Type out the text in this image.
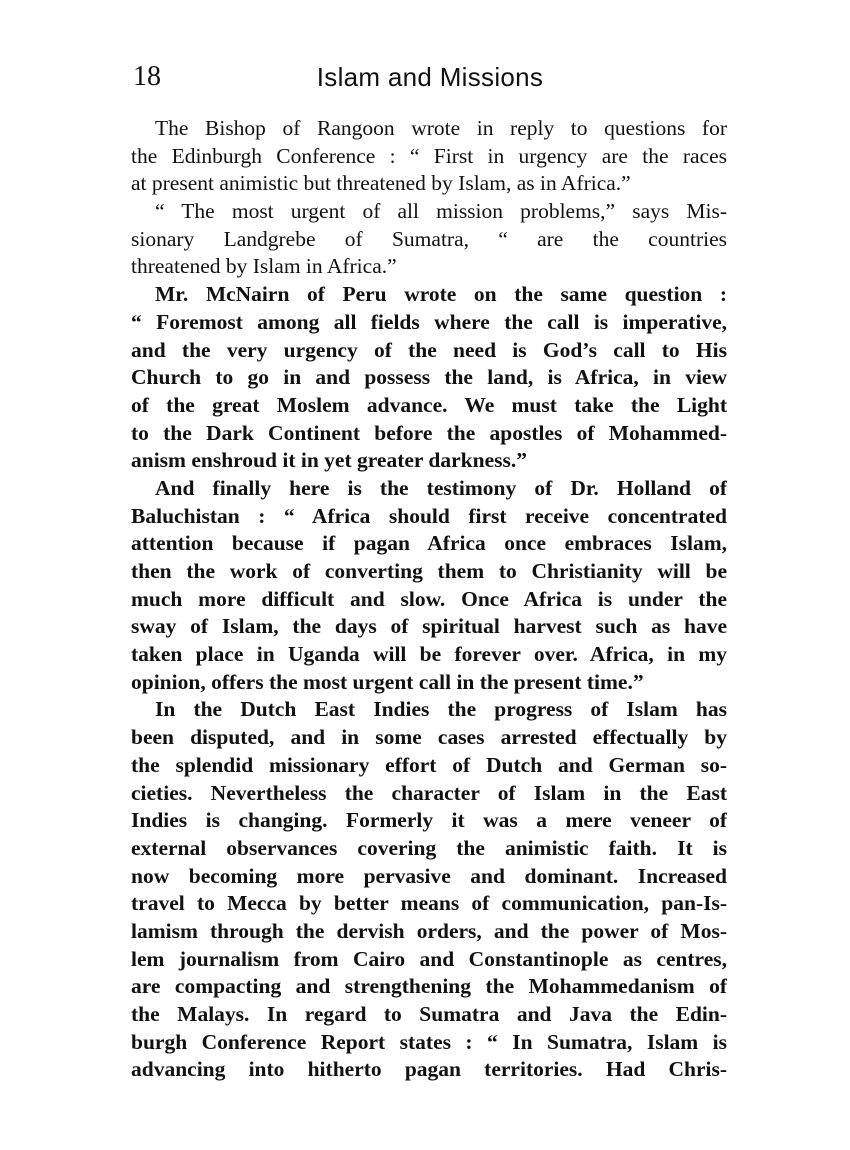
18	Islam and Missions
The Bishop of Rangoon wrote in reply to questions for
the Edinburgh Conference : “ First in urgency are the races
at present animistic but threatened by Islam, as in Africa.”
“ The most urgent of all mission problems,” says Mis-
sionary Landgrebe of Sumatra, “ are the countries
threatened by Islam in Africa.”
Mr. McNairn of Peru wrote on the same question :
“ Foremost among all fields where the call is imperative,
and the very urgency of the need is God’s call to His
Church to go in and possess the land, is Africa, in view
of the great Moslem advance. We must take the Light
to the Dark Continent before the apostles of Mohammed-
anism enshroud it in yet greater darkness.”
And finally here is the testimony of Dr. Holland of
Baluchistan : “ Africa should first receive concentrated
attention because if pagan Africa once embraces Islam,
then the work of converting them to Christianity will be
much more difficult and slow. Once Africa is under the
sway of Islam, the days of spiritual harvest such as have
taken place in Uganda will be forever over. Africa, in my
opinion, offers the most urgent call in the present time.”
In the Dutch East Indies the progress of Islam has
been disputed, and in some cases arrested effectually by
the splendid missionary effort of Dutch and German so-
cieties. Nevertheless the character of Islam in the East
Indies is changing. Formerly it was a mere veneer of
external observances covering the animistic faith. It is
now becoming more pervasive and dominant. Increased
travel to Mecca by better means of communication, pan-Is-
lamism through the dervish orders, and the power of Mos-
lem journalism from Cairo and Constantinople as centres,
are compacting and strengthening the Mohammedanism of
the Malays. In regard to Sumatra and Java the Edin-
burgh Conference Report states : “ In Sumatra, Islam is
advancing into hitherto pagan territories. Had Chris-
